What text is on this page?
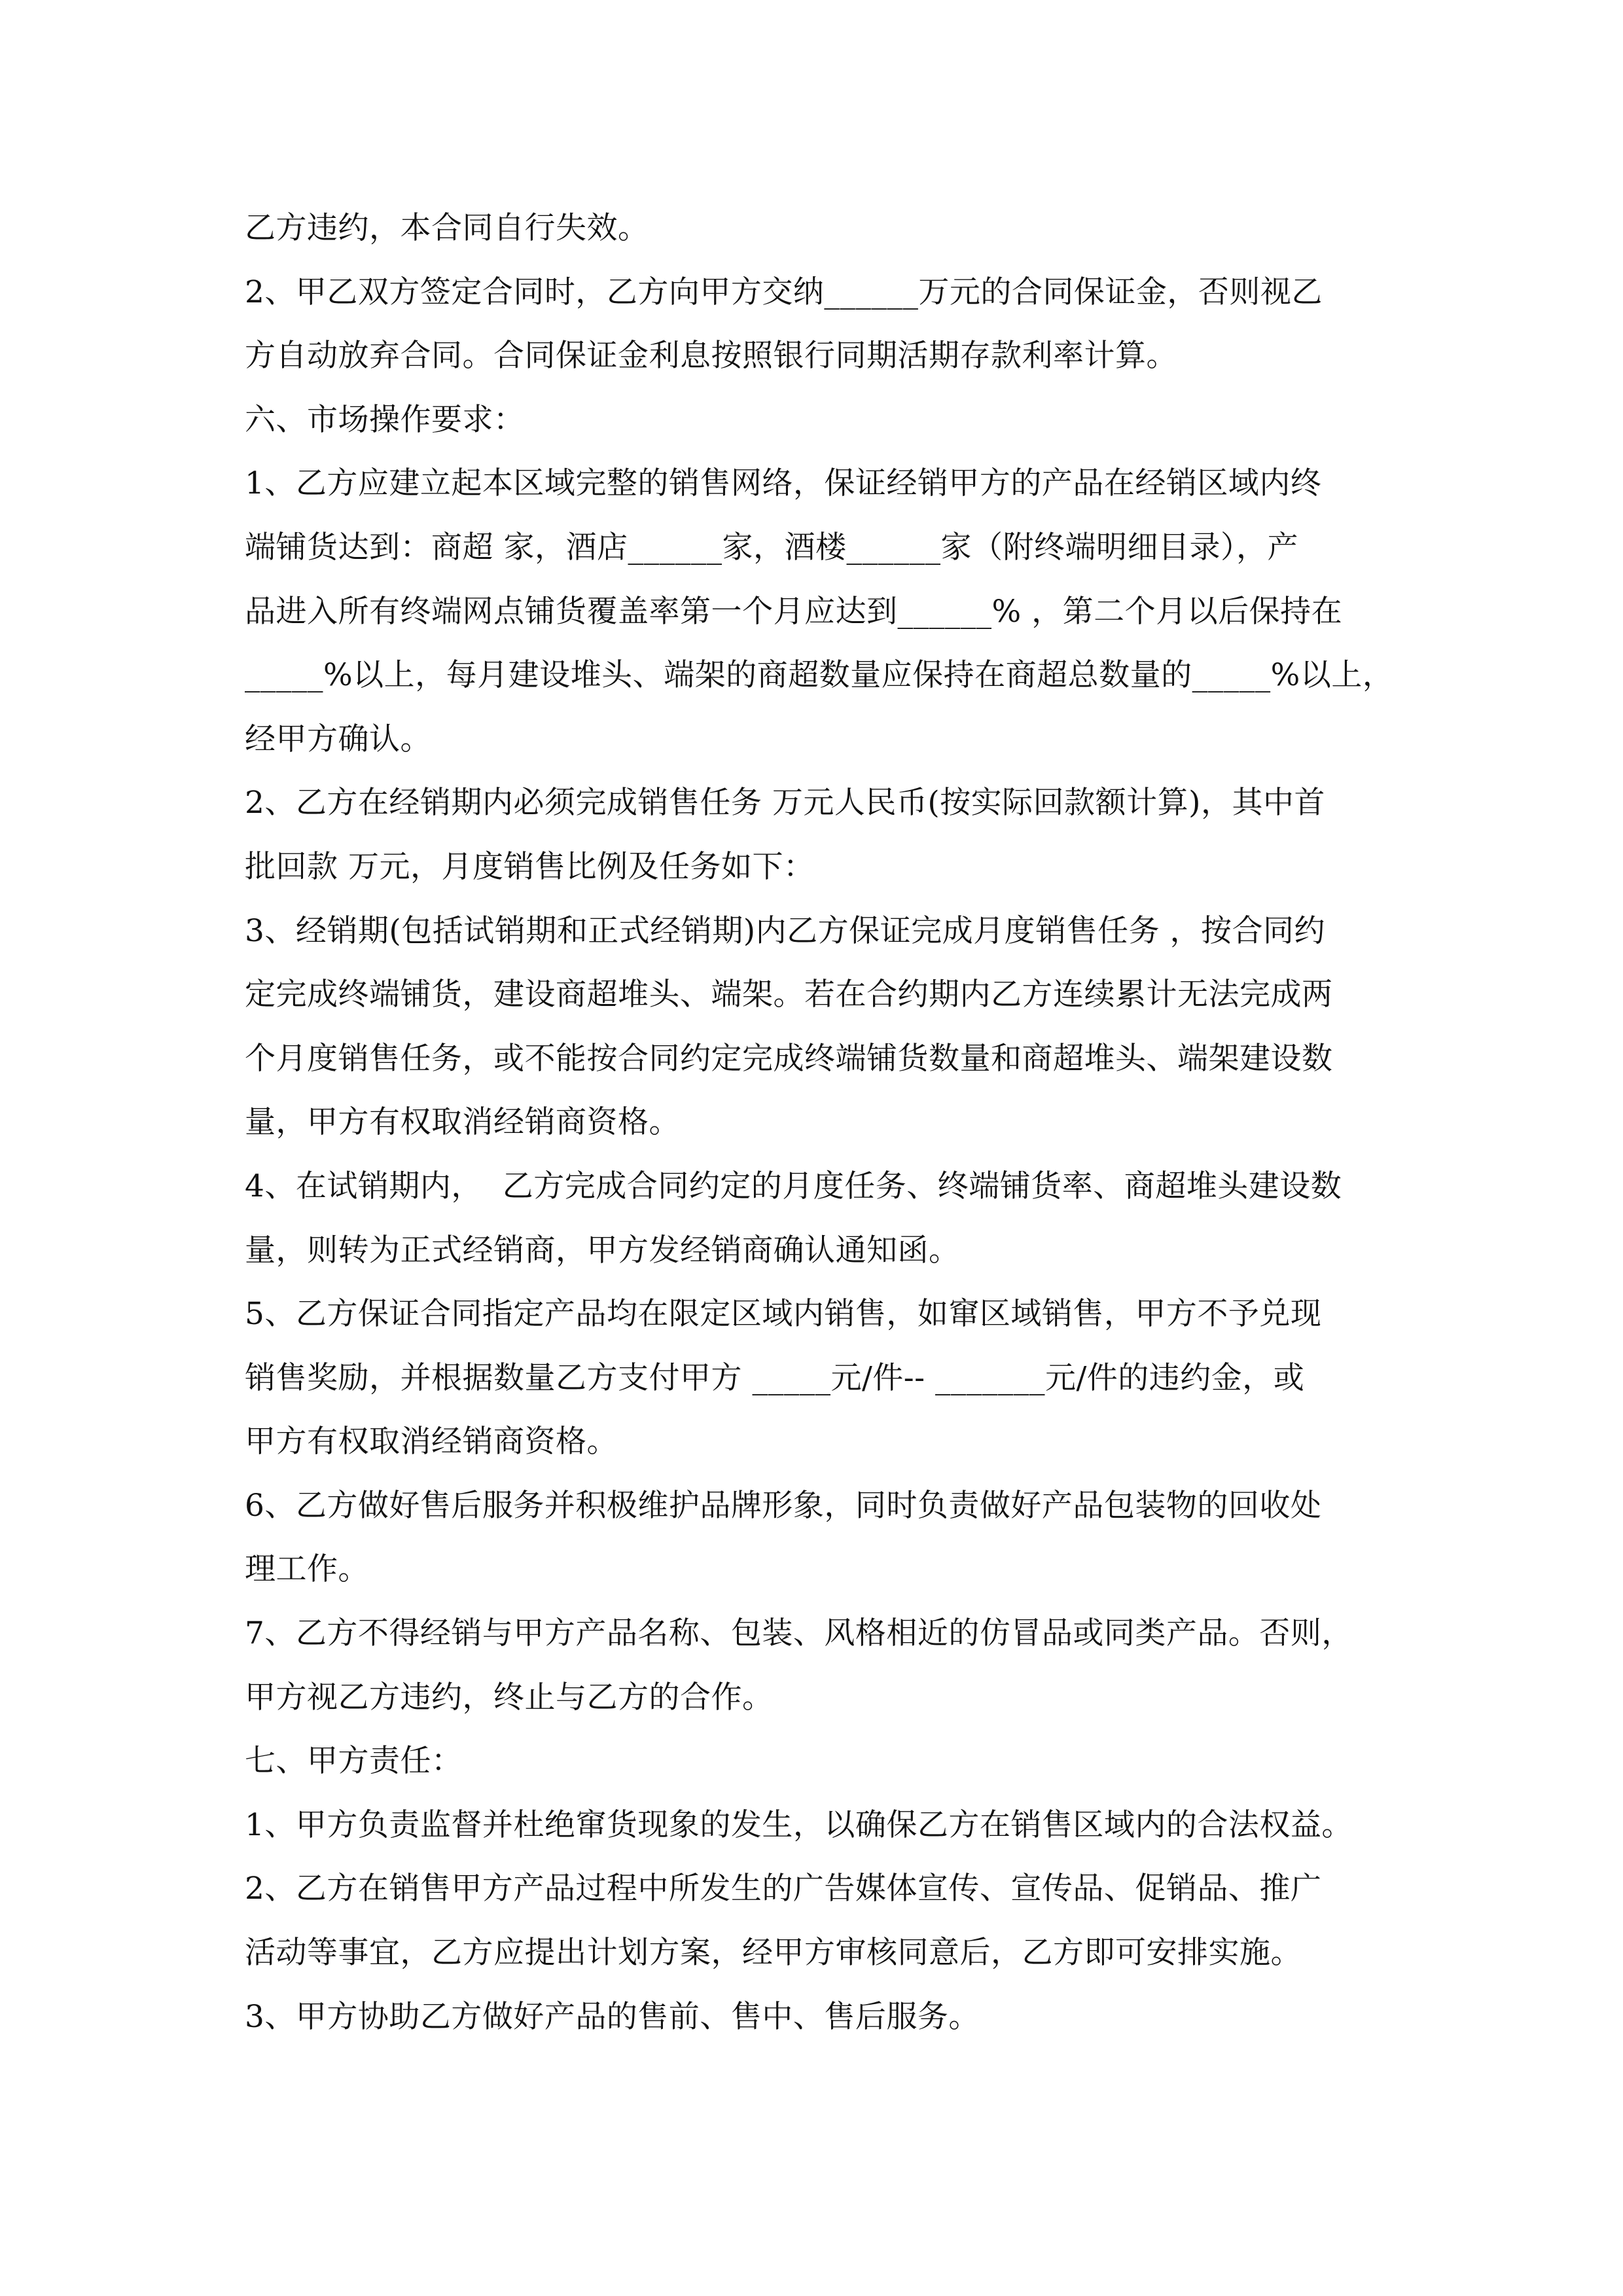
乙方违约，本合同自行失效。

2、甲乙双方签定合同时，乙方向甲方交纳______万元的合同保证金，否则视乙

方自动放弃合同。合同保证金利息按照银行同期活期存款利率计算。

六、市场操作要求：

1、乙方应建立起本区域完整的销售网络，保证经销甲方的产品在经销区域内终

端铺货达到：商超 家，酒店______家，酒楼______家（附终端明细目录），产

品进入所有终端网点铺货覆盖率第一个月应达到______% ，第二个月以后保持在

_____%以上，每月建设堆头、端架的商超数量应保持在商超总数量的_____%以上，

经甲方确认。

2、乙方在经销期内必须完成销售任务 万元人民币(按实际回款额计算)，其中首

批回款 万元，月度销售比例及任务如下：

3、经销期(包括试销期和正式经销期)内乙方保证完成月度销售任务 ，按合同约

定完成终端铺货，建设商超堆头、端架。若在合约期内乙方连续累计无法完成两

个月度销售任务，或不能按合同约定完成终端铺货数量和商超堆头、端架建设数

量，甲方有权取消经销商资格。

4、在试销期内，  乙方完成合同约定的月度任务、终端铺货率、商超堆头建设数

量，则转为正式经销商，甲方发经销商确认通知函。

5、乙方保证合同指定产品均在限定区域内销售，如窜区域销售，甲方不予兑现

销售奖励，并根据数量乙方支付甲方 _____元/件-- _______元/件的违约金，或

甲方有权取消经销商资格。

6、乙方做好售后服务并积极维护品牌形象，同时负责做好产品包装物的回收处

理工作。

7、乙方不得经销与甲方产品名称、包装、风格相近的仿冒品或同类产品。否则，

甲方视乙方违约，终止与乙方的合作。

七、甲方责任：

1、甲方负责监督并杜绝窜货现象的发生，以确保乙方在销售区域内的合法权益。

2、乙方在销售甲方产品过程中所发生的广告媒体宣传、宣传品、促销品、推广

活动等事宜，乙方应提出计划方案，经甲方审核同意后，乙方即可安排实施。

3、甲方协助乙方做好产品的售前、售中、售后服务。
